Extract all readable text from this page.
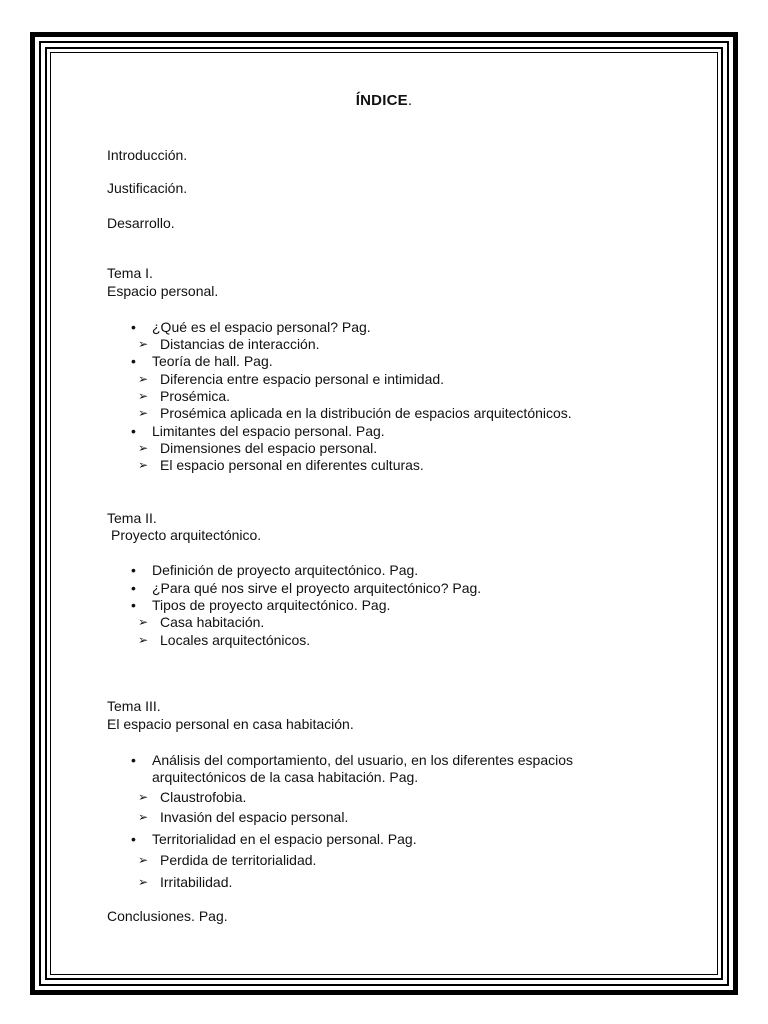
ÍNDICE.
Introducción.
Justificación.
Desarrollo.
Tema I.
Espacio personal.
• ¿Qué es el espacio personal? Pag.
➢ Distancias de interacción.
• Teoría de hall. Pag.
➢ Diferencia entre espacio personal e intimidad.
➢ Prosémica.
➢ Prosémica aplicada en la distribución de espacios arquitectónicos.
• Limitantes del espacio personal. Pag.
➢ Dimensiones del espacio personal.
➢ El espacio personal en diferentes culturas.
Tema II.
Proyecto arquitectónico.
• Definición de proyecto arquitectónico. Pag.
• ¿Para qué nos sirve el proyecto arquitectónico? Pag.
• Tipos de proyecto arquitectónico. Pag.
➢ Casa habitación.
➢ Locales arquitectónicos.
Tema III.
El espacio personal en casa habitación.
• Análisis del comportamiento, del usuario, en los diferentes espacios
arquitectónicos de la casa habitación. Pag.
➢ Claustrofobia.
➢ Invasión del espacio personal.
• Territorialidad en el espacio personal. Pag.
➢ Perdida de territorialidad.
➢ Irritabilidad.
Conclusiones. Pag.
